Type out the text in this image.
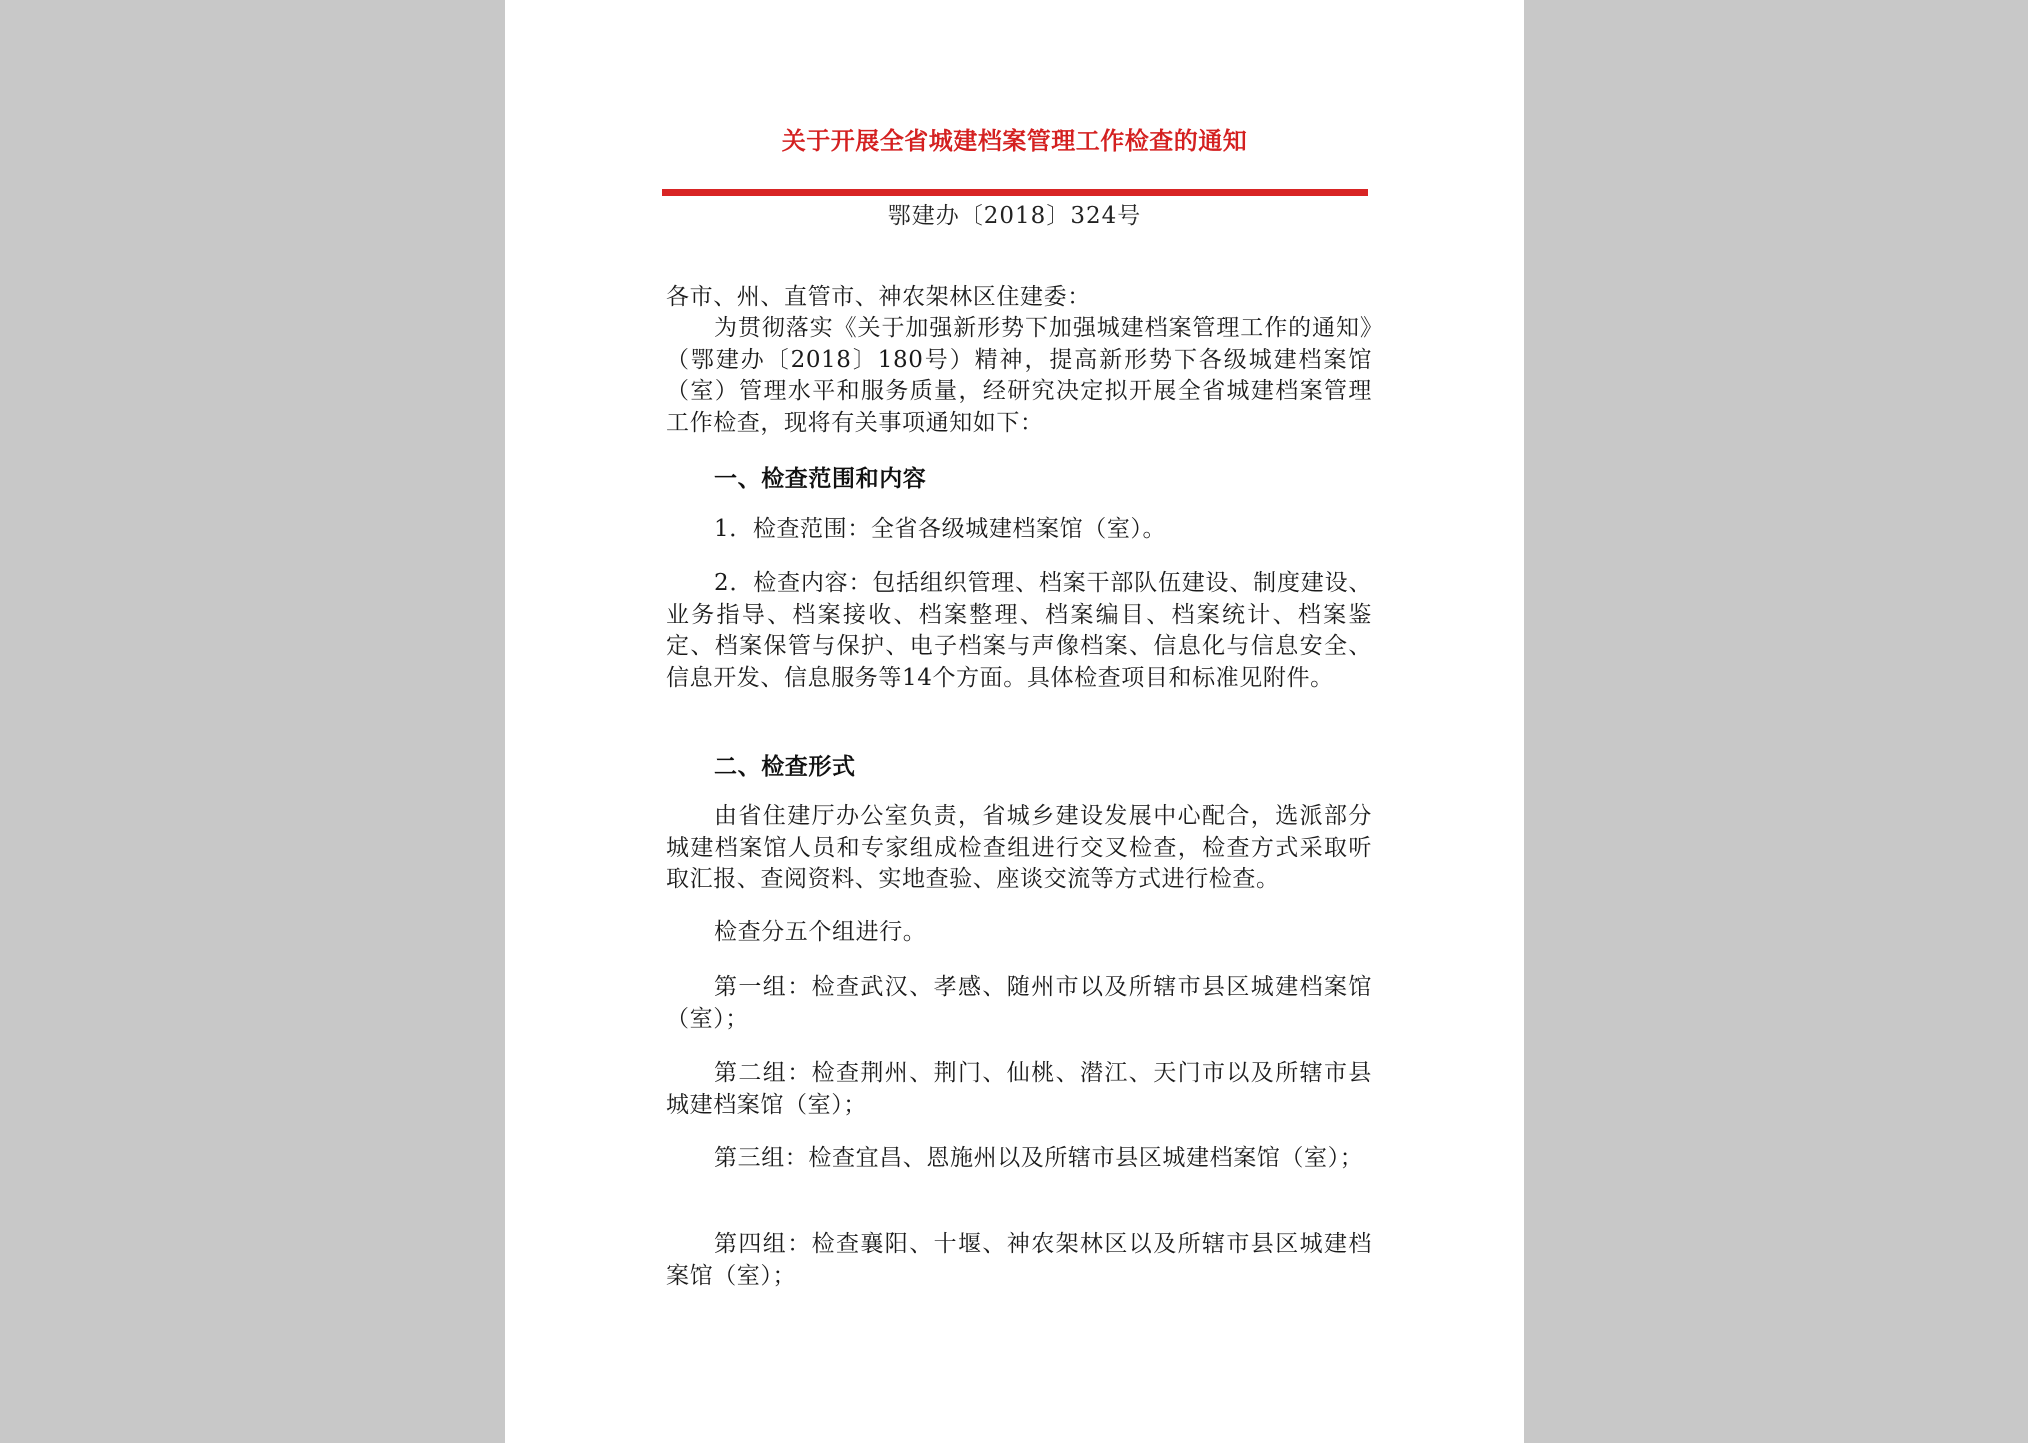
关于开展全省城建档案管理工作检查的通知
鄂建办〔2018〕324号
各市、州、直管市、神农架林区住建委：
为贯彻落实《关于加强新形势下加强城建档案管理工作的通知》（鄂建办〔2018〕180号）精神，提高新形势下各级城建档案馆（室）管理水平和服务质量，经研究决定拟开展全省城建档案管理工作检查，现将有关事项通知如下：
一、检查范围和内容
1．检查范围：全省各级城建档案馆（室）。
2．检查内容：包括组织管理、档案干部队伍建设、制度建设、业务指导、档案接收、档案整理、档案编目、档案统计、档案鉴定、档案保管与保护、电子档案与声像档案、信息化与信息安全、信息开发、信息服务等14个方面。具体检查项目和标准见附件。
二、检查形式
由省住建厅办公室负责，省城乡建设发展中心配合，选派部分城建档案馆人员和专家组成检查组进行交叉检查，检查方式采取听取汇报、查阅资料、实地查验、座谈交流等方式进行检查。
检查分五个组进行。
第一组：检查武汉、孝感、随州市以及所辖市县区城建档案馆（室）；
第二组：检查荆州、荆门、仙桃、潜江、天门市以及所辖市县城建档案馆（室）；
第三组：检查宜昌、恩施州以及所辖市县区城建档案馆（室）；
第四组：检查襄阳、十堰、神农架林区以及所辖市县区城建档案馆（室）；
